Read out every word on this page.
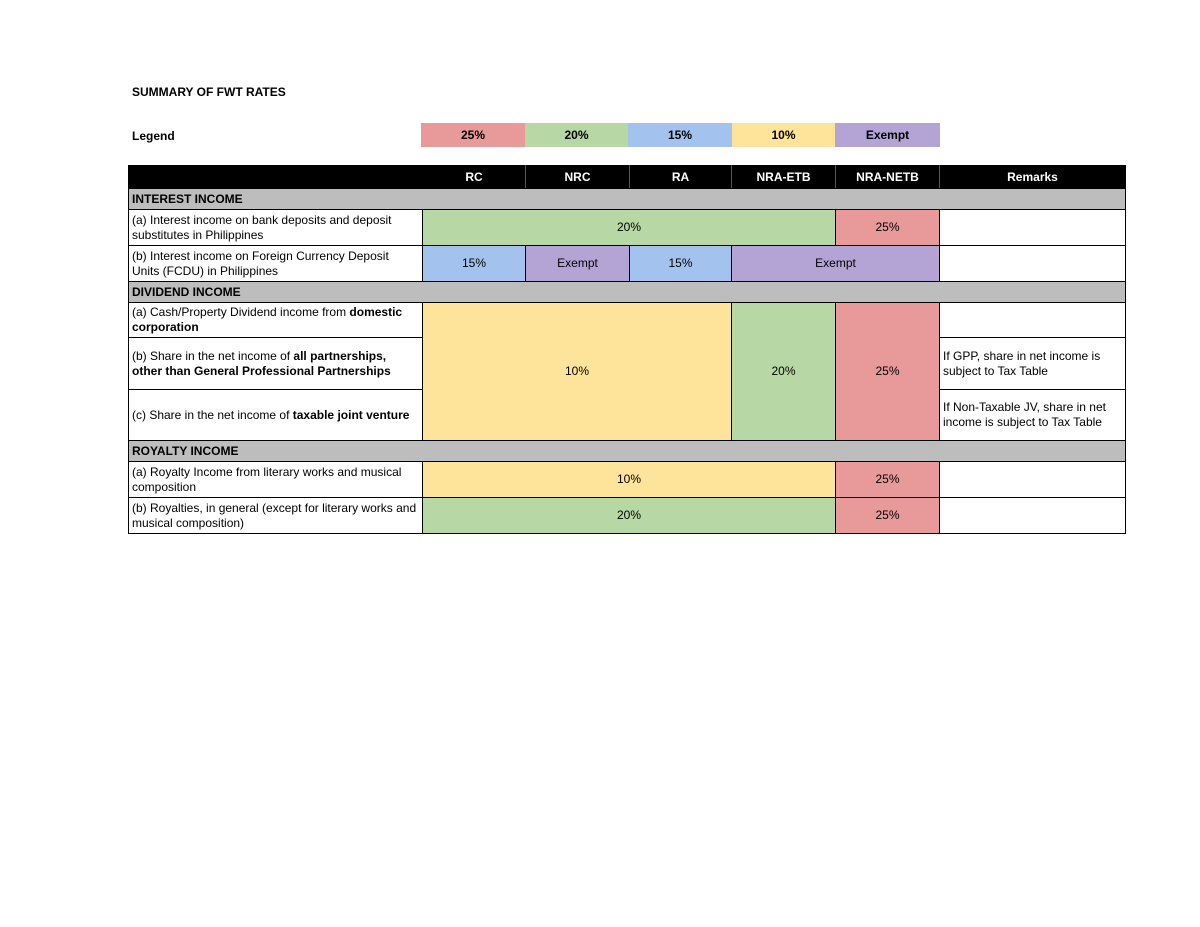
SUMMARY OF FWT RATES
Legend	25%	20%	15%	10%	Exempt
	RC	NRC	RA	NRA-ETB	NRA-NETB	Remarks
INTEREST INCOME						
(a) Interest income on bank deposits and deposit substitutes in Philippines	20%				25%	
(b) Interest income on Foreign Currency Deposit Units (FCDU) in Philippines	15%	Exempt	15%	Exempt		
DIVIDEND INCOME						
(a) Cash/Property Dividend income from domestic corporation	10%			20%	25%	
(b) Share in the net income of all partnerships, other than General Professional Partnerships						If GPP, share in net income is subject to Tax Table
(c) Share in the net income of taxable joint venture						If Non-Taxable JV, share in net income is subject to Tax Table
ROYALTY INCOME						
(a) Royalty Income from literary works and musical composition	10%				25%	
(b) Royalties, in general (except for literary works and musical composition)	20%				25%	
